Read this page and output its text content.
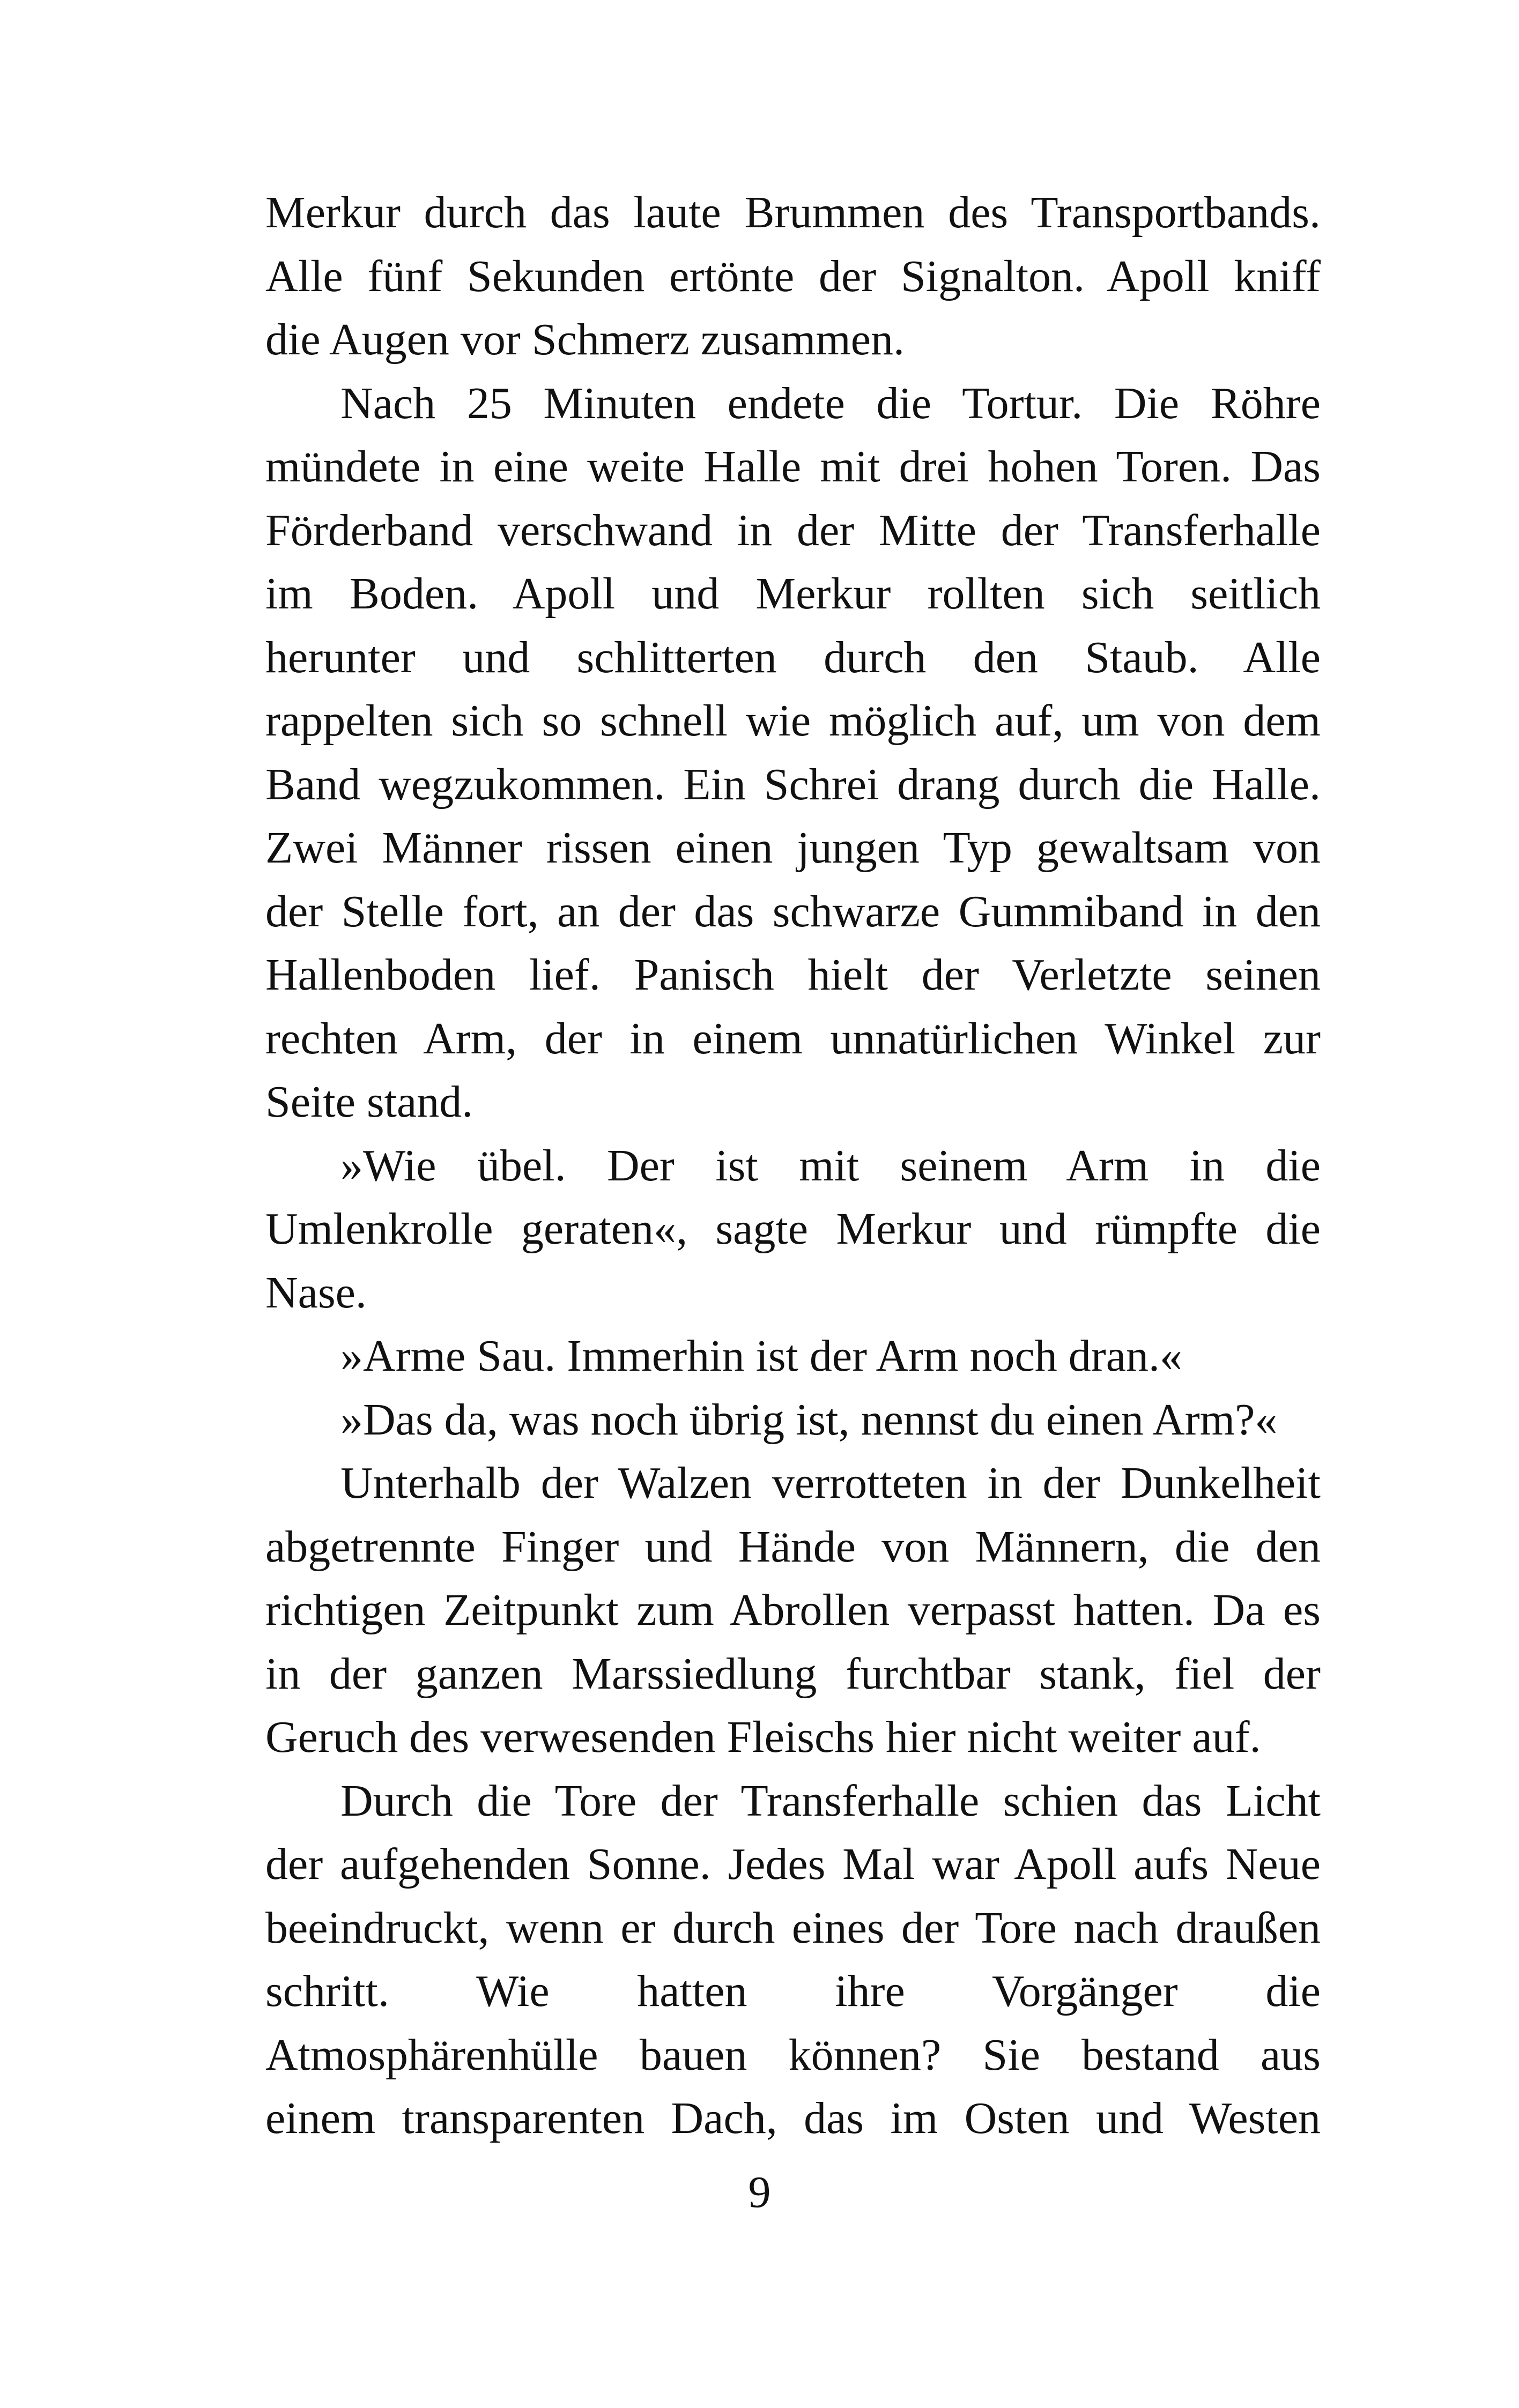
Merkur durch das laute Brummen des Transportbands.
Alle fünf Sekunden ertönte der Signalton. Apoll kniff
die Augen vor Schmerz zusammen.
Nach 25 Minuten endete die Tortur. Die Röhre
mündete in eine weite Halle mit drei hohen Toren. Das
Förderband verschwand in der Mitte der Transferhalle
im Boden. Apoll und Merkur rollten sich seitlich
herunter und schlitterten durch den Staub. Alle
rappelten sich so schnell wie möglich auf, um von dem
Band wegzukommen. Ein Schrei drang durch die Halle.
Zwei Männer rissen einen jungen Typ gewaltsam von
der Stelle fort, an der das schwarze Gummiband in den
Hallenboden lief. Panisch hielt der Verletzte seinen
rechten Arm, der in einem unnatürlichen Winkel zur
Seite stand.
»Wie übel. Der ist mit seinem Arm in die
Umlenkrolle geraten«, sagte Merkur und rümpfte die
Nase.
»Arme Sau. Immerhin ist der Arm noch dran.«
»Das da, was noch übrig ist, nennst du einen Arm?«
Unterhalb der Walzen verrotteten in der Dunkelheit
abgetrennte Finger und Hände von Männern, die den
richtigen Zeitpunkt zum Abrollen verpasst hatten. Da es
in der ganzen Marssiedlung furchtbar stank, fiel der
Geruch des verwesenden Fleischs hier nicht weiter auf.
Durch die Tore der Transferhalle schien das Licht
der aufgehenden Sonne. Jedes Mal war Apoll aufs Neue
beeindruckt, wenn er durch eines der Tore nach draußen
schritt. Wie hatten ihre Vorgänger die
Atmosphärenhülle bauen können? Sie bestand aus
einem transparenten Dach, das im Osten und Westen
9
